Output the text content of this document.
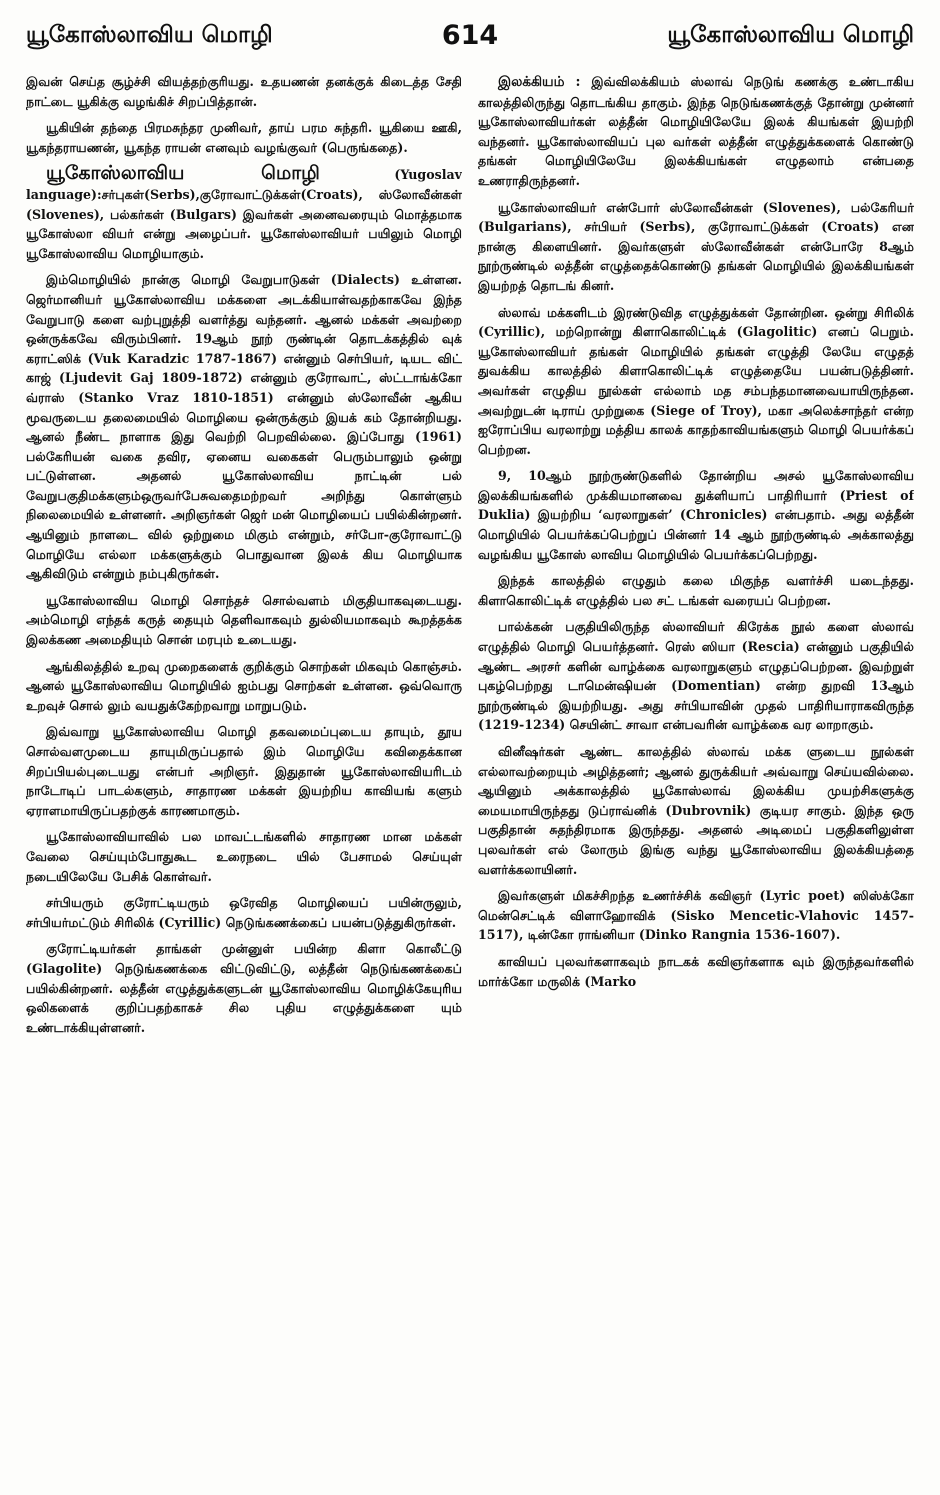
யூகோஸ்லாவிய மொழி	614	யூகோஸ்லாவிய மொழி

இவன் செய்த சூழ்ச்சி வியத்தற்குரியது. உதயணன் தனக்குக் கிடைத்த சேதி நாட்டை யூகிக்கு வழங்கிச் சிறப்பித்தான்.

யூகியின் தந்தை பிரமசுந்தர முனிவர், தாய் பரம சுந்தரி. யூகியை ஊகி, யூகந்தராயணன், யூகந்த ராயன் எனவும் வழங்குவர் (பெருங்கதை).

யூகோஸ்லாவிய மொழி (Yugoslav language):சர்புகள்(Serbs),குரோவாட்டுக்கள்(Croats), ஸ்லோவீன்கள் (Slovenes), பல்கர்கள் (Bulgars) இவர்கள் அனைவரையும் மொத்தமாக யூகோஸ்லா வியர் என்று அழைப்பர். யூகோஸ்லாவியர் பயிலும் மொழி யூகோஸ்லாவிய மொழியாகும்.

இம்மொழியில் நான்கு மொழி வேறுபாடுகள் (Dialects) உள்ளன. ஜெர்மானியர் யூகோஸ்லாவிய மக்களை அடக்கியாள்வதற்காகவே இந்த வேறுபாடு களை வற்புறுத்தி வளர்த்து வந்தனர். ஆனல் மக்கள் அவற்றை ஒன்ருக்கவே விரும்பினர். 19ஆம் நூற் ருண்டின் தொடக்கத்தில் வுக் கராட்ஸிக் (Vuk Karadzic 1787-1867) என்னும் செர்பியர், டியட விட் காஜ் (Ljudevit Gaj 1809-1872) என்னும் குரோவாட், ஸ்ட்டாங்க்கோ வ்ராஸ் (Stanko Vraz 1810-1851) என்னும் ஸ்லோவீன் ஆகிய மூவருடைய தலைமையில் மொழியை ஒன்ருக்கும் இயக் கம் தோன்றியது. ஆனல் நீண்ட நாளாக இது வெற்றி பெறவில்லை. இப்போது (1961) பல்கேரியன் வகை தவிர, ஏனைய வகைகள் பெரும்பாலும் ஒன்று பட்டுள்ளன. அதனல் யூகோஸ்லாவிய நாட்டின் பல் வேறுபகுதிமக்களும்ஒருவர்பேசுவதைமற்றவர் அறிந்து கொள்ளும் நிலைமையில் உள்ளனர். அறிஞர்கள் ஜெர் மன் மொழியைப் பயில்கின்றனர். ஆயினும் நாளடை வில் ஒற்றுமை மிகும் என்றும், சர்போ-குரோவாட்டு மொழியே எல்லா மக்களுக்கும் பொதுவான இலக் கிய மொழியாக ஆகிவிடும் என்றும் நம்புகிருர்கள்.

யூகோஸ்லாவிய மொழி சொந்தச் சொல்வளம் மிகுதியாகவுடையது. அம்மொழி எந்தக் கருத் தையும் தெளிவாகவும் துல்லியமாகவும் கூறத்தக்க இலக்கண அமைதியும் சொன் மரபும் உடையது.

ஆங்கிலத்தில் உறவு முறைகளைக் குறிக்கும் சொற்கள் மிகவும் கொஞ்சம். ஆனல் யூகோஸ்லாவிய மொழியில் ஐம்பது சொற்கள் உள்ளன. ஒவ்வொரு உறவுச் சொல் லும் வயதுக்கேற்றவாறு மாறுபடும்.

இவ்வாறு யூகோஸ்லாவிய மொழி தகவமைப்புடைய தாயும், தூய சொல்வளமுடைய தாயுமிருப்பதால் இம் மொழியே கவிதைக்கான சிறப்பியல்புடையது என்பர் அறிஞர். இதுதான் யூகோஸ்லாவியரிடம் நாடோடிப் பாடல்களும், சாதாரண மக்கள் இயற்றிய காவியங் களும் ஏராளமாயிருப்பதற்குக் காரணமாகும்.

யூகோஸ்லாவியாவில் பல மாவட்டங்களில் சாதாரண மான மக்கள் வேலை செய்யும்போதுகூட உரைநடை யில் பேசாமல் செய்யுள் நடையிலேயே பேசிக் கொள்வர்.

சர்பியரும் குரோட்டியரும் ஒரேவித மொழியைப் பயின்ருலும், சர்பியர்மட்டும் சிரிலிக் (Cyrillic) நெடுங்கணக்கைப் பயன்படுத்துகிருர்கள்.

குரோட்டியர்கள் தாங்கள் முன்னுள் பயின்ற கிளா கொலீட்டு (Glagolite) நெடுங்கணக்கை விட்டுவிட்டு, லத்தீன் நெடுங்கணக்கைப் பயில்கின்றனர். லத்தீன் எழுத்துக்களுடன் யூகோஸ்லாவிய மொழிக்கேயுரிய ஒலிகளைக் குறிப்பதற்காகச் சில புதிய எழுத்துக்களை யும் உண்டாக்கியுள்ளனர்.

இலக்கியம் : இவ்விலக்கியம் ஸ்லாவ் நெடுங் கணக்கு உண்டாகிய காலத்திலிருந்து தொடங்கிய தாகும். இந்த நெடுங்கணக்குத் தோன்று முன்னர் யூகோஸ்லாவியர்கள் லத்தீன் மொழியிலேயே இலக் கியங்கள் இயற்றி வந்தனர். யூகோஸ்லாவியப் புல வர்கள் லத்தீன் எழுத்துக்களைக் கொண்டு தங்கள் மொழியிலேயே இலக்கியங்கள் எழுதலாம் என்பதை உணராதிருந்தனர்.

யூகோஸ்லாவியர் என்போர் ஸ்லோவீன்கள் (Slovenes), பல்கேரியர் (Bulgarians), சர்பியர் (Serbs), குரோவாட்டுக்கள் (Croats) என நான்கு கிளையினர். இவர்களுள் ஸ்லோவீன்கள் என்போரே 8ஆம் நூற்ருண்டில் லத்தீன் எழுத்தைக்கொண்டு தங்கள் மொழியில் இலக்கியங்கள் இயற்றத் தொடங் கினர்.

ஸ்லாவ் மக்களிடம் இரண்டுவித எழுத்துக்கள் தோன்றின. ஒன்று சிரிலிக் (Cyrillic), மற்றொன்று கிளாகொலிட்டிக் (Glagolitic) எனப் பெறும். யூகோஸ்லாவியர் தங்கள் மொழியில் தங்கள் எழுத்தி லேயே எழுதத் துவக்கிய காலத்தில் கிளாகொலிட்டிக் எழுத்தையே பயன்படுத்தினர். அவர்கள் எழுதிய நூல்கள் எல்லாம் மத சம்பந்தமானவையாயிருந்தன. அவற்றுடன் டிராய் முற்றுகை (Siege of Troy), மகா அலெக்சாந்தர் என்ற ஐரோப்பிய வரலாற்று மத்திய காலக் காதற்காவியங்களும் மொழி பெயர்க்கப் பெற்றன.

9, 10ஆம் நூற்ருண்டுகளில் தோன்றிய அசல் யூகோஸ்லாவிய இலக்கியங்களில் முக்கியமானவை துக்ளியாப் பாதிரியார் (Priest of Duklia) இயற்றிய ‘வரலாறுகள்’ (Chronicles) என்பதாம். அது லத்தீன் மொழியில் பெயர்க்கப்பெற்றுப் பின்னர் 14 ஆம் நூற்ருண்டில் அக்காலத்து வழங்கிய யூகோஸ் லாவிய மொழியில் பெயர்க்கப்பெற்றது.

இந்தக் காலத்தில் எழுதும் கலை மிகுந்த வளர்ச்சி யடைந்தது. கிளாகொலிட்டிக் எழுத்தில் பல சட் டங்கள் வரையப் பெற்றன.

பால்க்கன் பகுதியிலிருந்த ஸ்லாவியர் கிரேக்க நூல் களை ஸ்லாவ் எழுத்தில் மொழி பெயர்த்தனர். ரெஸ் ஸியா (Rescia) என்னும் பகுதியில் ஆண்ட அரசர் களின் வாழ்க்கை வரலாறுகளும் எழுதப்பெற்றன. இவற்றுள் புகழ்பெற்றது டாமென்ஷியன் (Domentian) என்ற துறவி 13ஆம் நூற்ருண்டில் இயற்றியது. அது சர்பியாவின் முதல் பாதிரியாராகவிருந்த (1219-1234) செயின்ட் சாவா என்பவரின் வாழ்க்கை வர லாறாகும்.

வினீஷர்கள் ஆண்ட காலத்தில் ஸ்லாவ் மக்க ளுடைய நூல்கள் எல்லாவற்றையும் அழித்தனர்; ஆனல் துருக்கியர் அவ்வாறு செய்யவில்லை. ஆயினும் அக்காலத்தில் யூகோஸ்லாவ் இலக்கிய முயற்சிகளுக்கு மையமாயிருந்தது டுப்ராவ்னிக் (Dubrovnik) குடியர சாகும். இந்த ஒரு பகுதிதான் சுதந்திரமாக இருந்தது. அதனல் அடிமைப் பகுதிகளிலுள்ள புலவர்கள் எல் லோரும் இங்கு வந்து யூகோஸ்லாவிய இலக்கியத்தை வளர்க்கலாயினர்.

இவர்களுள் மிகச்சிறந்த உணர்ச்சிக் கவிஞர் (Lyric poet) ஸிஸ்க்கோ மென்செட்டிக் விளாஹோவிக் (Sisko Mencetic-Vlahovic 1457-1517), டின்கோ ராங்னியா (Dinko Rangnia 1536-1607).

காவியப் புலவர்களாகவும் நாடகக் கவிஞர்களாக வும் இருந்தவர்களில் மார்க்கோ மருலிக் (Marko
